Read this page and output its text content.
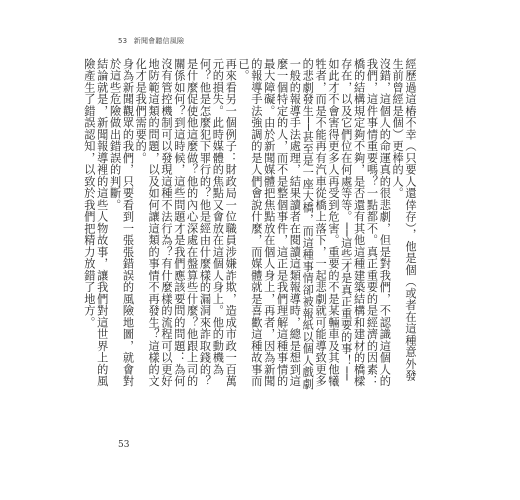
53 新聞會聽信風險

經歷過這樁不幸（只要人還倖存），他是個（或者在這種意外發生前曾經是個）更棒的人。

沒錯，這個人的命運真的很悲劇，但是對我們，不認識這個人的我們，這件事情重要嗎？一點都不。真正重要的是經濟的因素：橋的結構規定夠不夠，是否還有其他這種建築結構和建材的橋樑存在，以及它們位在何處等等。──這些才是真正重要的事！──如此才不會害得更多人再受到危害。重要的不是某輛車及其他犧牲者，而是不能再有汽車從橋上落下，一起悲劇就可能導致更多的悲劇發生──甚至是一座大橋，而這種事情卻被報紙以個人戲劇一般的報導手法處理，結果讀者在閱讀這類報導時，總是想到這麼一個特定的人，而不是整個事件，這正是我們理解這種事情的最大障礙。由於新聞媒體把焦點放在個人身上，再者，因為新聞的報導手法強調的是人們會說什麼，而媒體就是喜歡這種故事而已。

再來看另一個例子：財政局一位職員涉嫌詐欺，造成市政一百萬元的損失。此時媒體的焦點又會放在這個人身上。他的動機為何？他是怎麼犯下罪行的？他是經由什麼樣的漏洞來詐取錢的？是什麼促使他這麼做？他的內心深處在盤算些什麼？他跟上司的關係如何？到這時候，這些問題才是我們應該要問的問題：為何沒有管控機制可以發現這種不法行為？有什麼樣的流程可以更好地防範這類的問題，以及如何讓這類的事情不再發生？這樣的文化才是我們需要的。

身為新聞觀眾的我們，只要看到一張張錯誤的風險地圖，就會對於這些危險做出錯誤的判斷。

結論就是，新聞報導裡的這些人物故事，讓我們對這世界上的風險產生了錯誤認知，以致於我們把精力放錯了地方。

53
